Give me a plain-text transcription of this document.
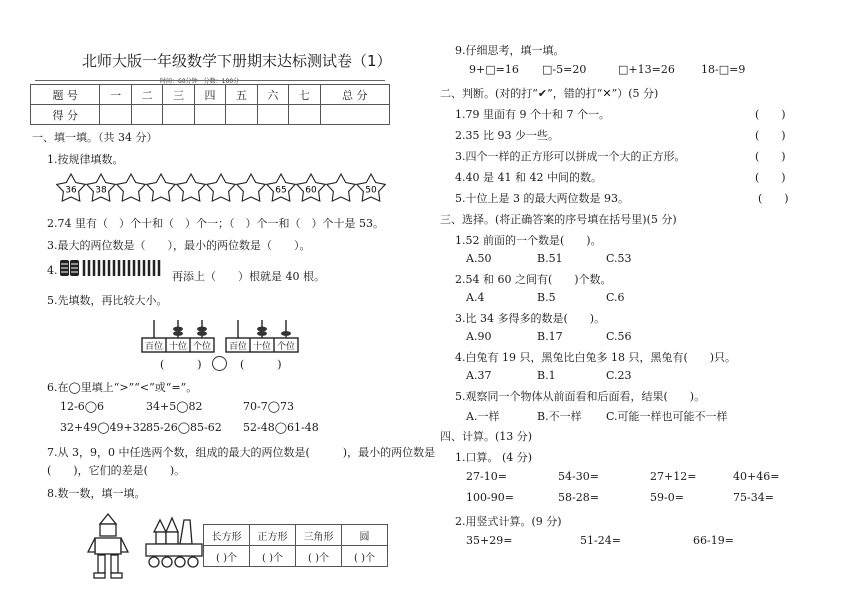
北师大版一年级数学下册期末达标测试卷（1）
时间：60分钟　分数：100分
题 号	一	二	三	四	五	六	七	总 分
得 分								
一、填一填。（共 34 分）
1.按规律填数。
36 38	65 60	50
2.74 里有（　）个十和（　）个一；（　）个一和（　）个十是 53。
3.最大的两位数是（　　），最小的两位数是（　　）。
4.	再添上（　　）根就是 40 根。
5.先填数，再比较大小。
百位 十位 个位 百位 十位 个位
(　　　)	(　　　)
6.在◯里填上“>”“<”或“=”。
12-6◯6	34+5◯82	70-7◯73
32+49◯49+32 85-26◯85-62 52-48◯61-48
7.从 3，9，0 中任选两个数，组成的最大的两位数是(　　　)，最小的两位数是
(　　)，它们的差是(　　)。
8.数一数，填一填。
长方形	正方形	三角形	圆
( )个	( )个	( )个	( )个
9.仔细思考，填一填。
9+□=16 □-5=20	□+13=26 18-□=9
二、判断。(对的打“✔”，错的打“✕”）(5 分)
1.79 里面有 9 个十和 7 个一。	(　　)
2.35 比 93 少一些。	(　　)
3.四个一样的正方形可以拼成一个大的正方形。	(　　)
4.40 是 41 和 42 中间的数。	(　　)
5.十位上是 3 的最大两位数是 93。	(　　)
三、选择。(将正确答案的序号填在括号里)(5 分)
1.52 前面的一个数是(　　)。
A.50	B.51	C.53
2.54 和 60 之间有(　　)个数。
A.4	B.5	C.6
3.比 34 多得多的数是(　　)。
A.90	B.17	C.56
4.白兔有 19 只，黑兔比白兔多 18 只，黑兔有(　　)只。
A.37	B.1	C.23
5.观察同一个物体从前面看和后面看，结果(　　)。
A.一样	B.不一样 C.可能一样也可能不一样
四、计算。(13 分)
1.口算。 (4 分)
27-10=	54-30=	27+12=	40+46=
100-90=	58-28=	59-0=	75-34=
2.用竖式计算。(9 分)
35+29=	51-24=	66-19=
